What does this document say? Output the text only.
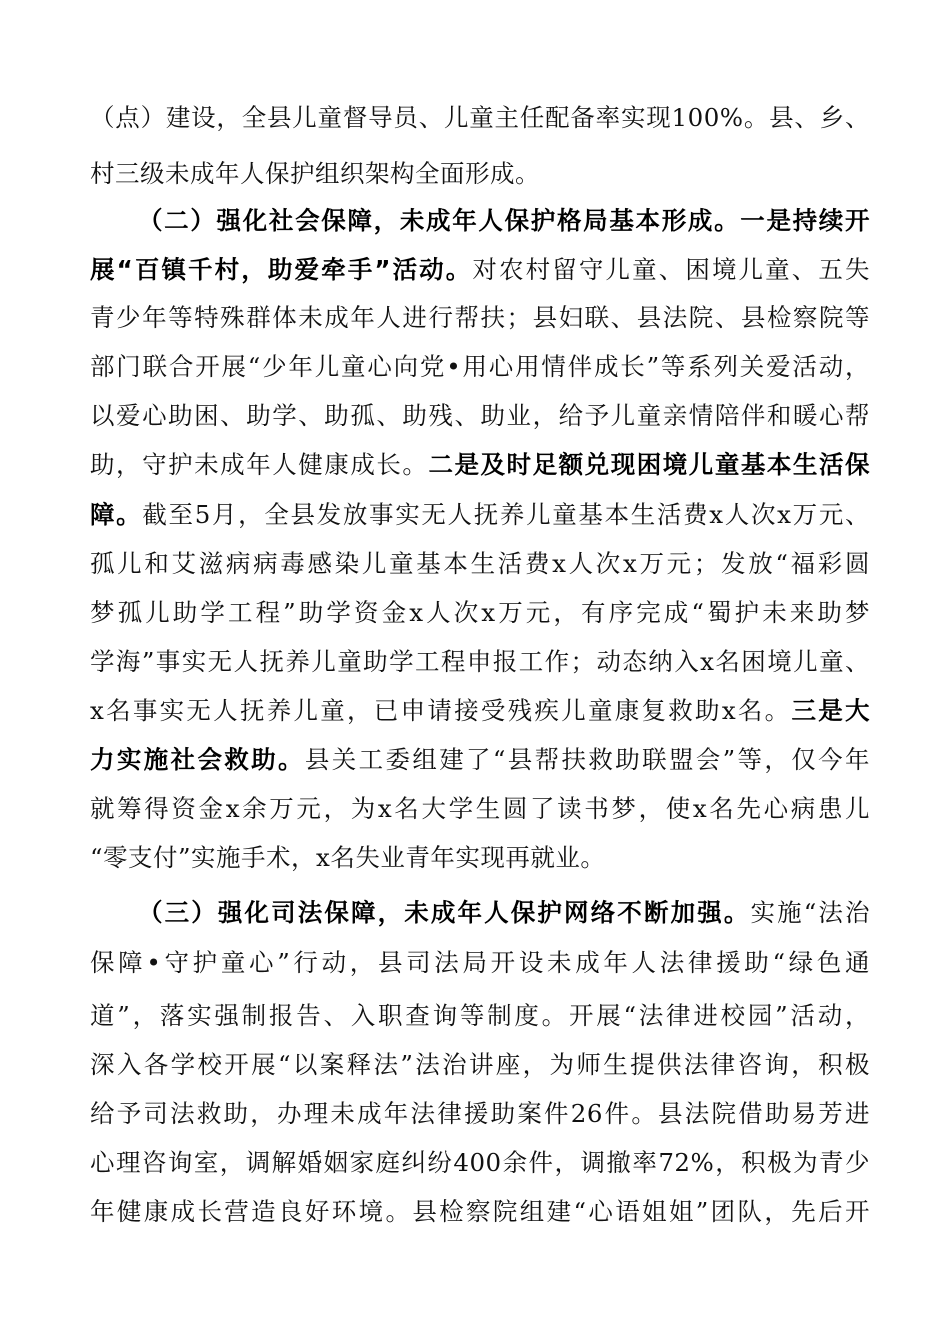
（点）建设，全县儿童督导员、儿童主任配备率实现100%。县、乡、
村三级未成年人保护组织架构全面形成。
（二）强化社会保障，未成年人保护格局基本形成。一是持续开
展“百镇千村，助爱牵手”活动。对农村留守儿童、困境儿童、五失
青少年等特殊群体未成年人进行帮扶；县妇联、县法院、县检察院等
部门联合开展“少年儿童心向党•用心用情伴成长”等系列关爱活动，
以爱心助困、助学、助孤、助残、助业，给予儿童亲情陪伴和暖心帮
助，守护未成年人健康成长。二是及时足额兑现困境儿童基本生活保
障。截至5月，全县发放事实无人抚养儿童基本生活费x人次x万元、
孤儿和艾滋病病毒感染儿童基本生活费x人次x万元；发放“福彩圆
梦孤儿助学工程”助学资金x人次x万元，有序完成“蜀护未来助梦
学海”事实无人抚养儿童助学工程申报工作；动态纳入x名困境儿童、
x名事实无人抚养儿童，已申请接受残疾儿童康复救助x名。三是大
力实施社会救助。县关工委组建了“县帮扶救助联盟会”等，仅今年
就筹得资金x余万元，为x名大学生圆了读书梦，使x名先心病患儿
“零支付”实施手术，x名失业青年实现再就业。
（三）强化司法保障，未成年人保护网络不断加强。实施“法治
保障•守护童心”行动，县司法局开设未成年人法律援助“绿色通
道”，落实强制报告、入职查询等制度。开展“法律进校园”活动，
深入各学校开展“以案释法”法治讲座，为师生提供法律咨询，积极
给予司法救助，办理未成年法律援助案件26件。县法院借助易芳进
心理咨询室，调解婚姻家庭纠纷400余件，调撤率72%，积极为青少
年健康成长营造良好环境。县检察院组建“心语姐姐”团队，先后开
